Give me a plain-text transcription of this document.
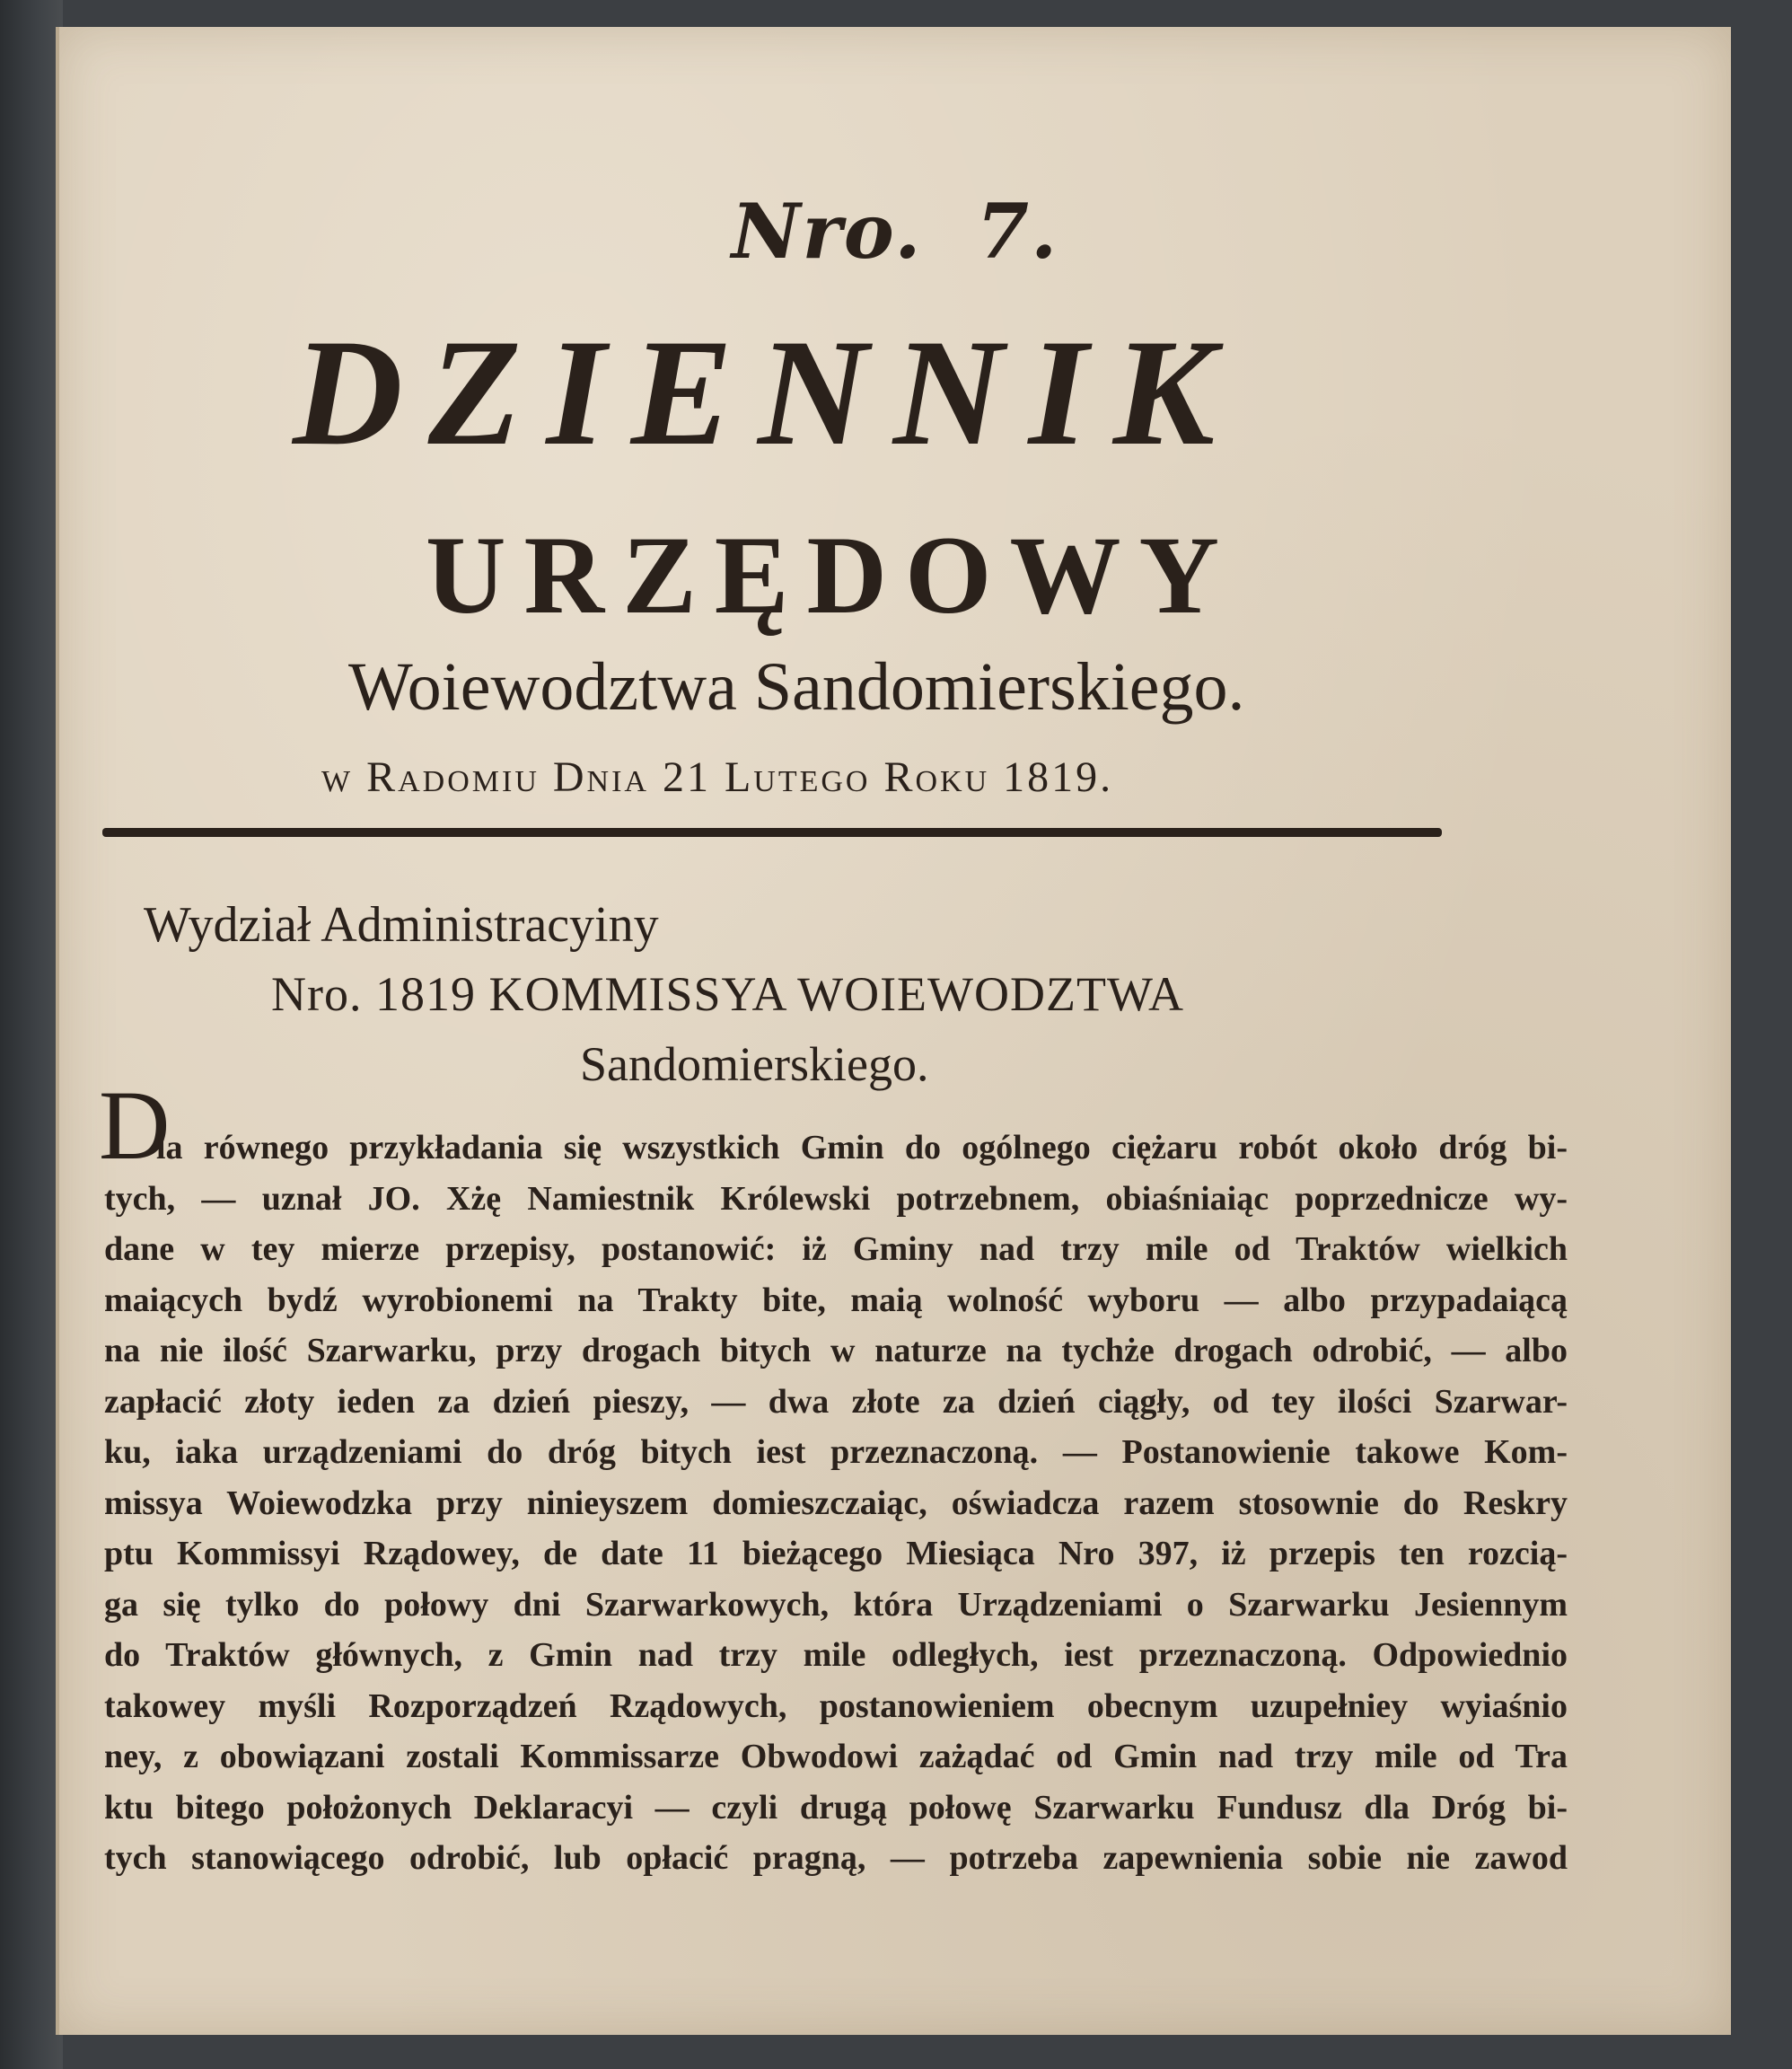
Nro. 7.
DZIENNIK
URZĘDOWY
Woiewodztwa Sandomierskiego.
w Radomiu Dnia 21 Lutego Roku 1819.
Wydział Administracyiny
Nro. 1819 KOMMISSYA WOIEWODZTWA
Sandomierskiego.
D
la równego przykładania się wszystkich Gmin do ogólnego ciężaru robót około dróg bi-
tych, — uznał JO. Xżę Namiestnik Królewski potrzebnem, obiaśniaiąc poprzednicze wy-
dane w tey mierze przepisy, postanowić: iż Gminy nad trzy mile od Traktów wielkich
maiących bydź wyrobionemi na Trakty bite, maią wolność wyboru — albo przypadaiącą
na nie ilość Szarwarku, przy drogach bitych w naturze na tychże drogach odrobić, — albo
zapłacić złoty ieden za dzień pieszy, — dwa złote za dzień ciągły, od tey ilości Szarwar-
ku, iaka urządzeniami do dróg bitych iest przeznaczoną. — Postanowienie takowe Kom-
missya Woiewodzka przy ninieyszem domieszczaiąc, oświadcza razem stosownie do Reskry
ptu Kommissyi Rządowey, de date 11 bieżącego Miesiąca Nro 397, iż przepis ten rozcią-
ga się tylko do połowy dni Szarwarkowych, która Urządzeniami o Szarwarku Jesiennym
do Traktów głównych, z Gmin nad trzy mile odległych, iest przeznaczoną. Odpowiednio
takowey myśli Rozporządzeń Rządowych, postanowieniem obecnym uzupełniey wyiaśnio
ney, z obowiązani zostali Kommissarze Obwodowi zażądać od Gmin nad trzy mile od Tra
ktu bitego położonych Deklaracyi — czyli drugą połowę Szarwarku Fundusz dla Dróg bi-
tych stanowiącego odrobić, lub opłacić pragną, — potrzeba zapewnienia sobie nie zawod
